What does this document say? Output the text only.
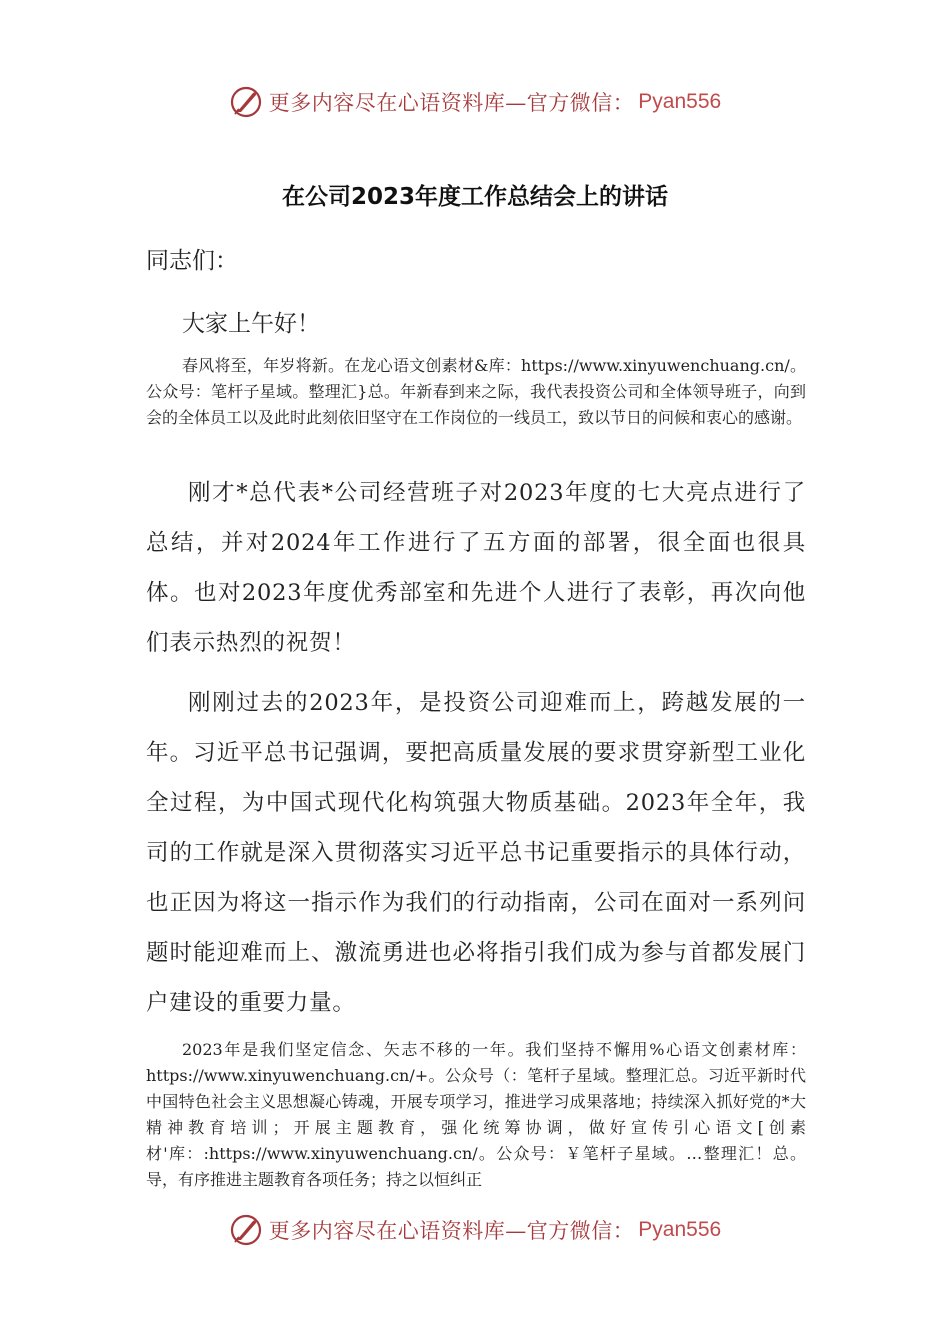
更多内容尽在心语资料库—官方微信： Pyan556
在公司2023年度工作总结会上的讲话
同志们：
大家上午好！

春风将至，年岁将新。在龙心语文创素材&库：https://www.xinyuwenchuang.cn/。公众号：笔杆子星域。整理汇}总。年新春到来之际，我代表投资公司和全体领导班子，向到会的全体员工以及此时此刻依旧坚守在工作岗位的一线员工，致以节日的问候和衷心的感谢。

刚才*总代表*公司经营班子对2023年度的七大亮点进行了总结，并对2024年工作进行了五方面的部署，很全面也很具体。也对2023年度优秀部室和先进个人进行了表彰，再次向他们表示热烈的祝贺！

刚刚过去的2023年，是投资公司迎难而上，跨越发展的一年。习近平总书记强调，要把高质量发展的要求贯穿新型工业化全过程，为中国式现代化构筑强大物质基础。2023年全年，我司的工作就是深入贯彻落实习近平总书记重要指示的具体行动，也正因为将这一指示作为我们的行动指南，公司在面对一系列问题时能迎难而上、激流勇进也必将指引我们成为参与首都发展门户建设的重要力量。

2023年是我们坚定信念、矢志不移的一年。我们坚持不懈用%心语文创素材库：https://www.xinyuwenchuang.cn/+。公众号（：笔杆子星域。整理汇总。习近平新时代中国特色社会主义思想凝心铸魂，开展专项学习，推进学习成果落地；持续深入抓好党的*大精神教育培训；开展主题教育，强化统筹协调，做好宣传引心语文[创素材'库：:https://www.xinyuwenchuang.cn/。公众号：￥笔杆子星域。…整理汇！总。导，有序推进主题教育各项任务；持之以恒纠正

更多内容尽在心语资料库—官方微信： Pyan556
